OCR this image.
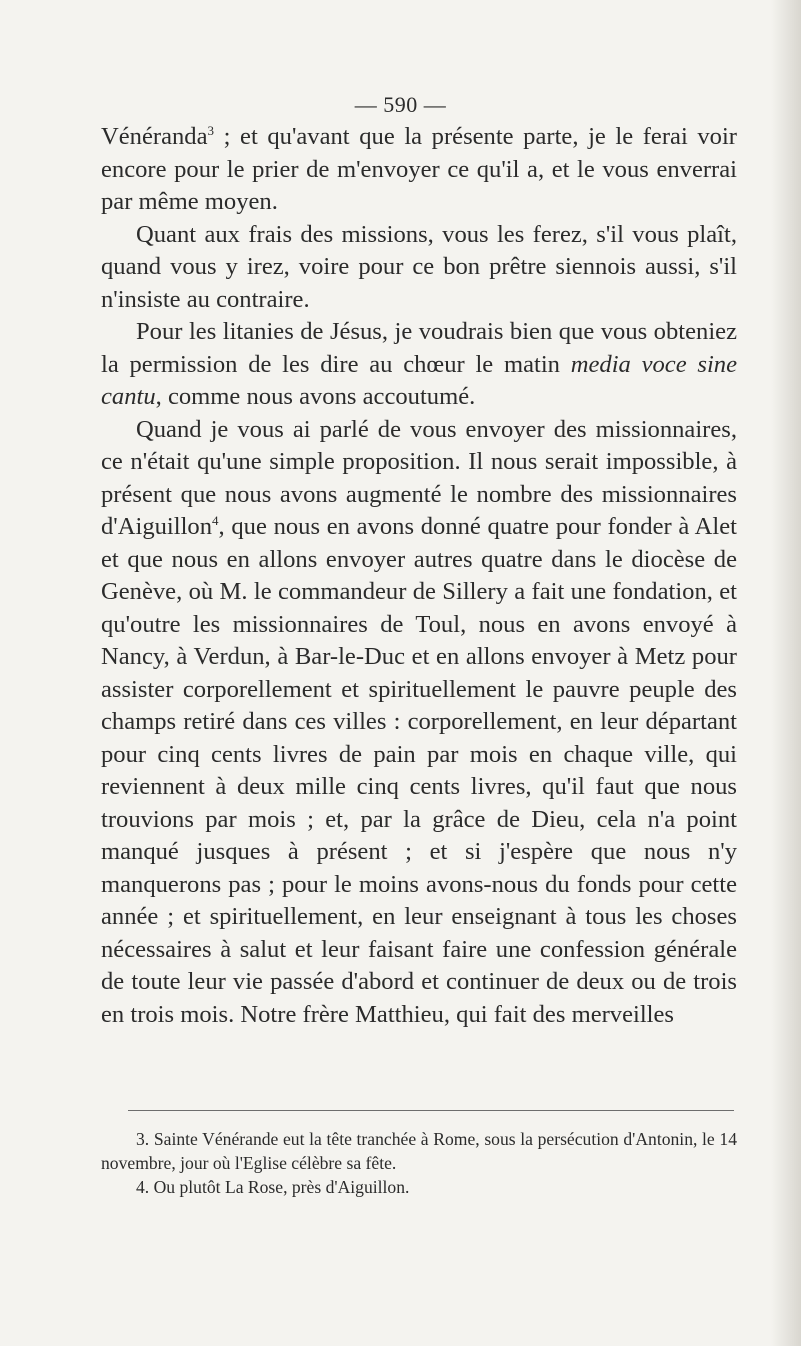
— 590 —

Vénéranda$^3$ ; et qu'avant que la présente parte, je le ferai voir encore pour le prier de m'envoyer ce qu'il a, et le vous enverrai par même moyen.

Quant aux frais des missions, vous les ferez, s'il vous plaît, quand vous y irez, voire pour ce bon prêtre siennois aussi, s'il n'insiste au contraire.

Pour les litanies de Jésus, je voudrais bien que vous obteniez la permission de les dire au chœur le matin media voce sine cantu, comme nous avons accoutumé.

Quand je vous ai parlé de vous envoyer des missionnaires, ce n'était qu'une simple proposition. Il nous serait impossible, à présent que nous avons augmenté le nombre des missionnaires d'Aiguillon$^4$, que nous en avons donné quatre pour fonder à Alet et que nous en allons envoyer autres quatre dans le diocèse de Genève, où M. le commandeur de Sillery a fait une fondation, et qu'outre les missionnaires de Toul, nous en avons envoyé à Nancy, à Verdun, à Bar-le-Duc et en allons envoyer à Metz pour assister corporellement et spirituellement le pauvre peuple des champs retiré dans ces villes : corporellement, en leur départant pour cinq cents livres de pain par mois en chaque ville, qui reviennent à deux mille cinq cents livres, qu'il faut que nous trouvions par mois ; et, par la grâce de Dieu, cela n'a point manqué jusques à présent ; et si j'espère que nous n'y manquerons pas ; pour le moins avons-nous du fonds pour cette année ; et spirituellement, en leur enseignant à tous les choses nécessaires à salut et leur faisant faire une confession générale de toute leur vie passée d'abord et continuer de deux ou de trois en trois mois. Notre frère Matthieu, qui fait des merveilles

3. Sainte Vénérande eut la tête tranchée à Rome, sous la persécution d'Antonin, le 14 novembre, jour où l'Eglise célèbre sa fête.

4. Ou plutôt La Rose, près d'Aiguillon.
